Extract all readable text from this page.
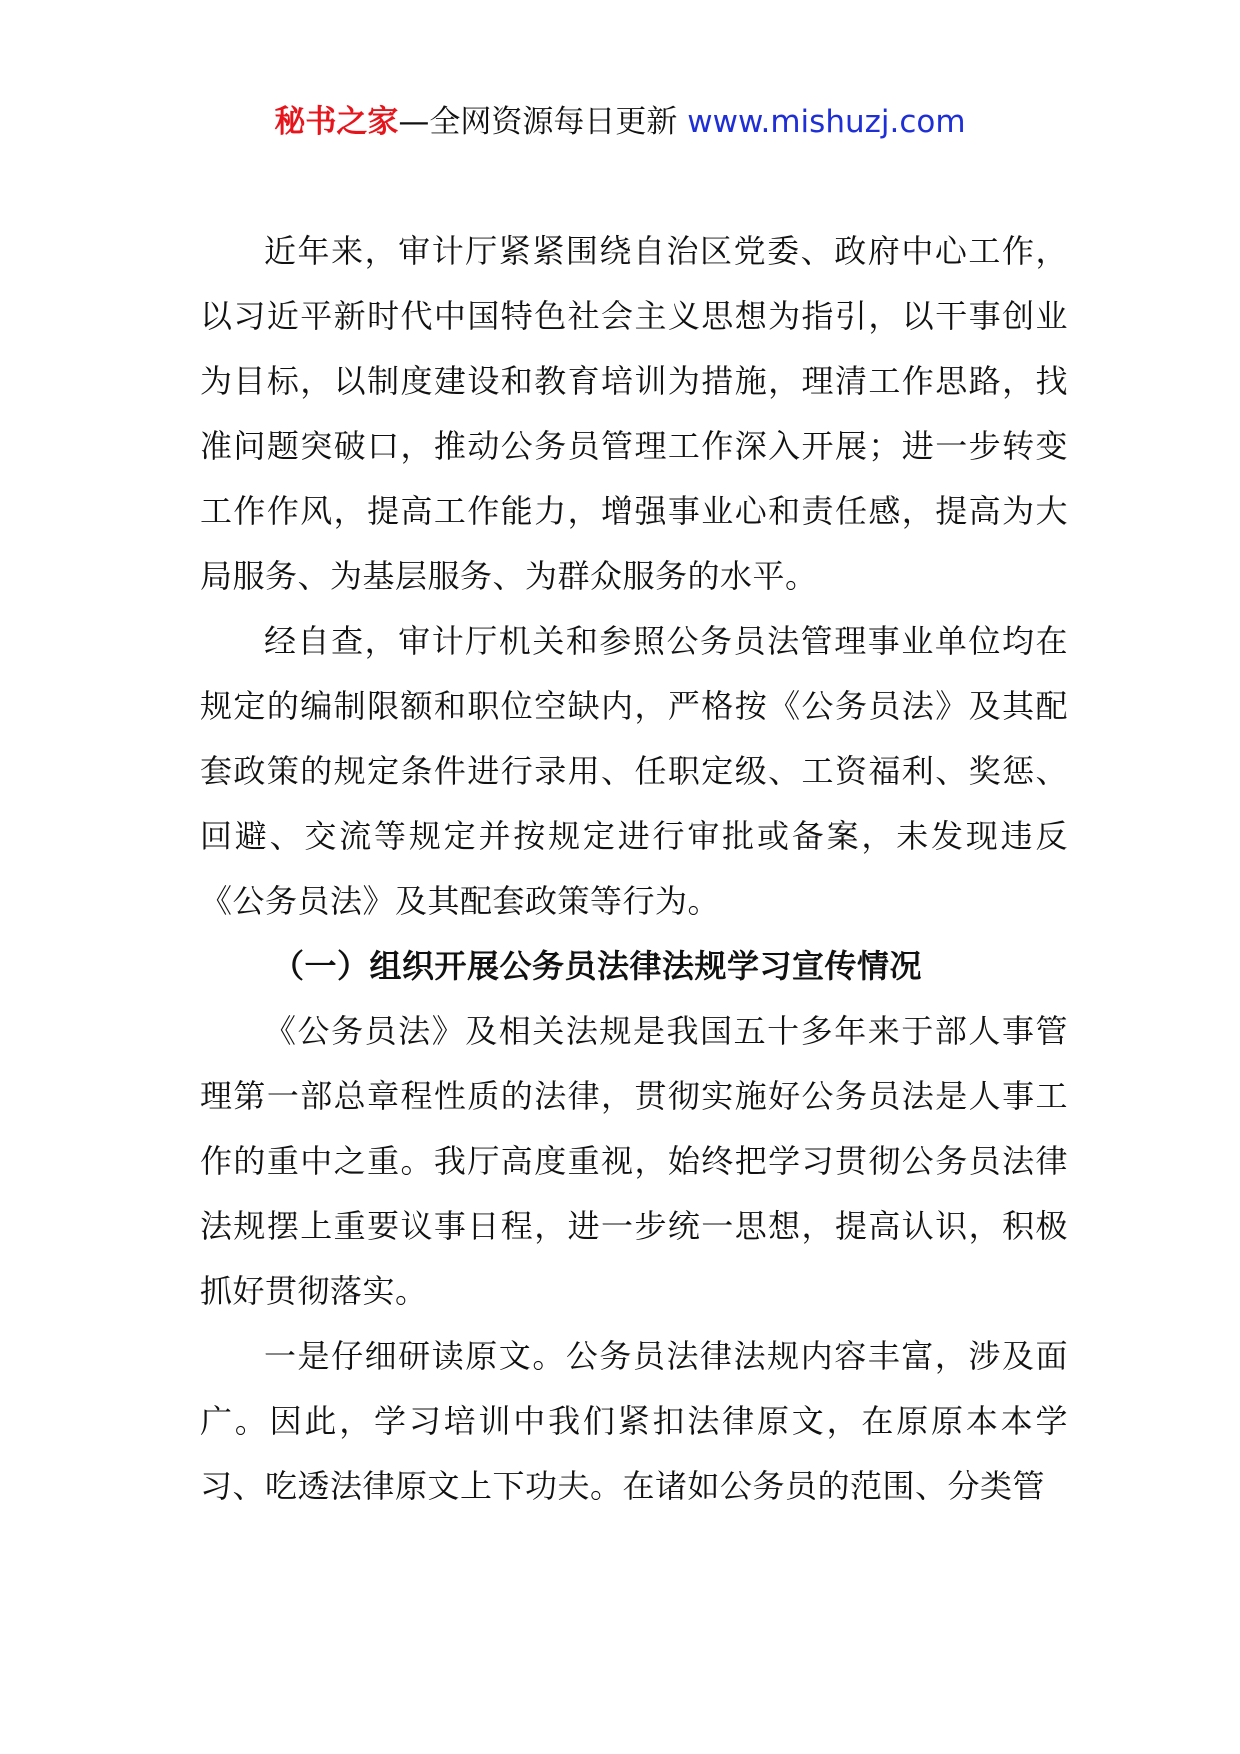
秘书之家—全网资源每日更新 www.mishuzj.com

近年来，审计厅紧紧围绕自治区党委、政府中心工作，以习近平新时代中国特色社会主义思想为指引，以干事创业为目标，以制度建设和教育培训为措施，理清工作思路，找准问题突破口，推动公务员管理工作深入开展；进一步转变工作作风，提高工作能力，增强事业心和责任感，提高为大局服务、为基层服务、为群众服务的水平。

经自查，审计厅机关和参照公务员法管理事业单位均在规定的编制限额和职位空缺内，严格按《公务员法》及其配套政策的规定条件进行录用、任职定级、工资福利、奖惩、回避、交流等规定并按规定进行审批或备案，未发现违反《公务员法》及其配套政策等行为。

（一）组织开展公务员法律法规学习宣传情况

《公务员法》及相关法规是我国五十多年来于部人事管理第一部总章程性质的法律，贯彻实施好公务员法是人事工作的重中之重。我厅高度重视，始终把学习贯彻公务员法律法规摆上重要议事日程，进一步统一思想，提高认识，积极抓好贯彻落实。

一是仔细研读原文。公务员法律法规内容丰富，涉及面广。因此，学习培训中我们紧扣法律原文，在原原本本学习、吃透法律原文上下功夫。在诸如公务员的范围、分类管
